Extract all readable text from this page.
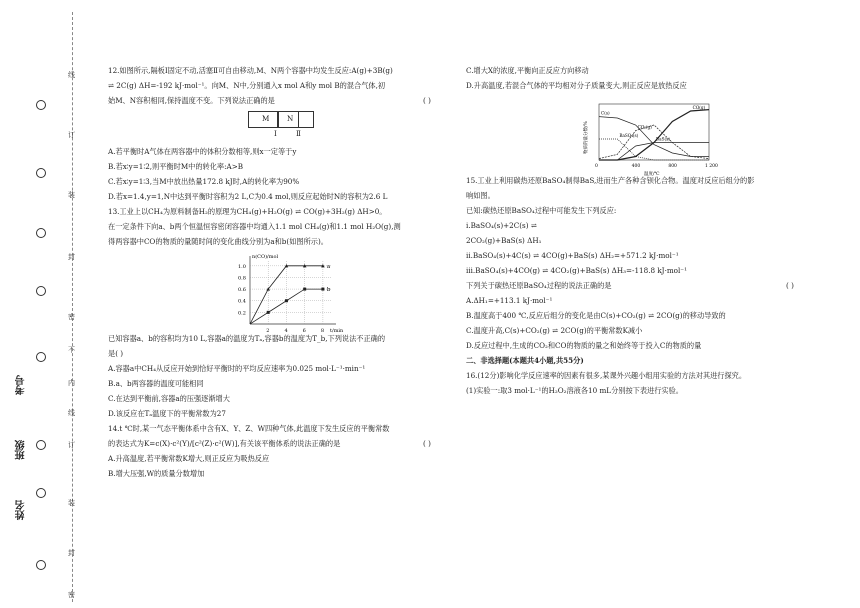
线
订
装
封
密
不
内
线
订
装
封
密
考号
班级
姓名

12.如图所示,隔板Ⅰ固定不动,活塞Ⅱ可自由移动,M、N两个容器中均发生反应:A(g)+3B(g)

⇌ 2C(g) ΔH=-192 kJ·mol⁻¹。向M、N中,分别通入x mol A和y mol B的混合气体,初

始M、N容积相同,保持温度不变。下列说法正确的是	( )

M N
Ⅰ	Ⅱ

A.若平衡时A气体在两容器中的体积分数相等,则x一定等于y

B.若x∶y=1∶2,则平衡时M中的转化率:A>B

C.若x∶y=1∶3,当M中放出热量172.8 kJ时,A的转化率为90%

D.若x=1.4,y=1,N中达到平衡时容积为2 L,C为0.4 mol,则反应起始时N的容积为2.6 L

13.工业上以CH₄为原料制备H₂的原理为CH₄(g)+H₂O(g) ⇌ CO(g)+3H₂(g) ΔH>0。

在一定条件下向a、b两个恒温恒容密闭容器中均通入1.1 mol CH₄(g)和1.1 mol H₂O(g),测

得两容器中CO的物质的量随时间的变化曲线分别为a和b(如图所示)。

n(CO)/mol
t/min
0.2
0.4
0.6
0.8
1.0
2	4	6	8
a
b

已知容器a、b的容积均为10 L,容器a的温度为Tₐ,容器b的温度为T_b,下列说法不正确的

是( )

A.容器a中CH₄从反应开始到恰好平衡时的平均反应速率为0.025 mol·L⁻¹·min⁻¹

B.a、b两容器的温度可能相同

C.在达到平衡前,容器a的压强逐渐增大

D.该反应在Tₐ温度下的平衡常数为27

14.t ℃时,某一气态平衡体系中含有X、Y、Z、W四种气体,此温度下发生反应的平衡常数

的表达式为K=c(X)·c²(Y)/[c²(Z)·c²(W)],有关该平衡体系的说法正确的是	( )

A.升高温度,若平衡常数K增大,则正反应为吸热反应

B.增大压强,W的质量分数增加

C.增大X的浓度,平衡向正反应方向移动

D.升高温度,若混合气体的平均相对分子质量变大,则正反应是放热反应

物质的量分数/%
温度/℃
0	400	800	1 200
C(s)
CO₂(g)
CO(g)
BaSO₄(s)
BaS(s)

15.工业上利用碳热还原BaSO₄制得BaS,进而生产各种含钡化合物。温度对反应后组分的影

响如图。

已知:碳热还原BaSO₄过程中可能发生下列反应:

ⅰ.BaSO₄(s)+2C(s) ⇌

2CO₂(g)+BaS(s) ΔH₁

ⅱ.BaSO₄(s)+4C(s) ⇌ 4CO(g)+BaS(s) ΔH₂=+571.2 kJ·mol⁻¹

ⅲ.BaSO₄(s)+4CO(g) ⇌ 4CO₂(g)+BaS(s) ΔH₃=-118.8 kJ·mol⁻¹

下列关于碳热还原BaSO₄过程的说法正确的是	( )

A.ΔH₁=+113.1 kJ·mol⁻¹

B.温度高于400 ℃,反应后组分的变化是由C(s)+CO₂(g) ⇌ 2CO(g)的移动导致的

C.温度升高,C(s)+CO₂(g) ⇌ 2CO(g)的平衡常数K减小

D.反应过程中,生成的CO₂和CO的物质的量之和始终等于投入C的物质的量

二、非选择题(本题共4小题,共55分)

16.(12分)影响化学反应速率的因素有很多,某课外兴趣小组用实验的方法对其进行探究。

(1)实验一:取3 mol·L⁻¹的H₂O₂溶液各10 mL分别按下表进行实验。
